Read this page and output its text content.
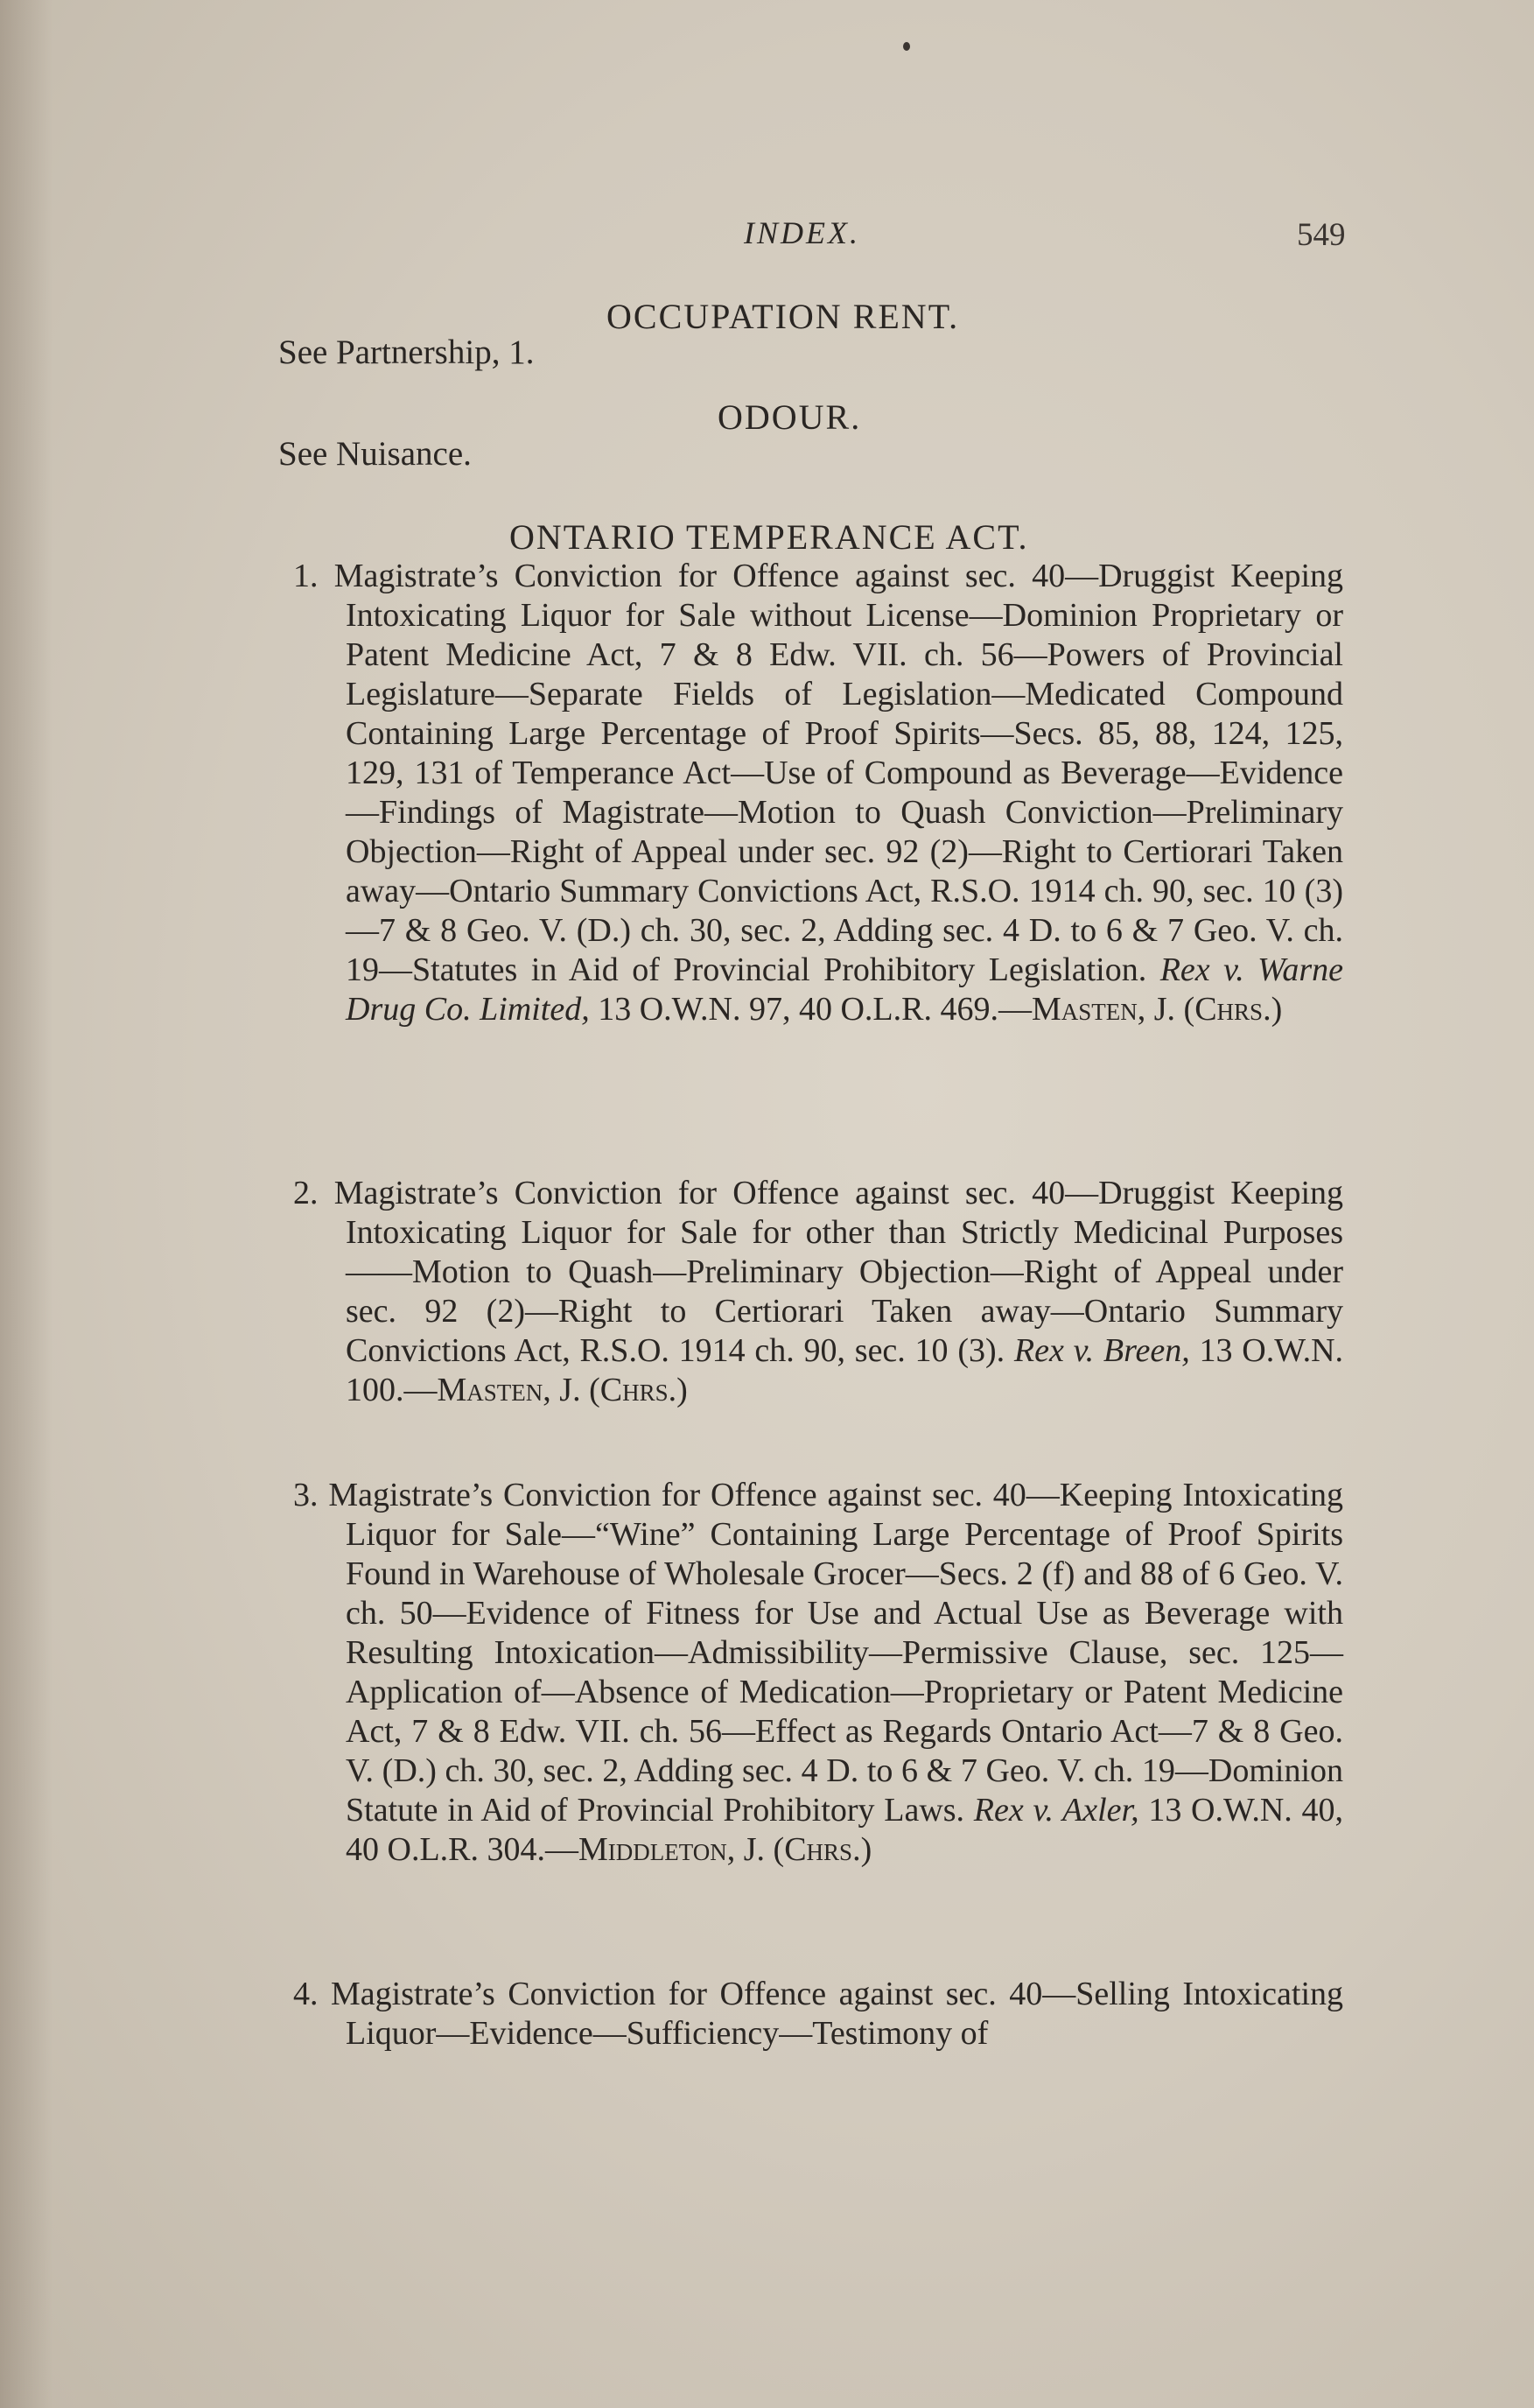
INDEX.	549
OCCUPATION RENT.
See Partnership, 1.
ODOUR.
See Nuisance.
ONTARIO TEMPERANCE ACT.
1. Magistrate’s Conviction for Offence against sec. 40—Druggist Keeping Intoxicating Liquor for Sale without License—Dominion Proprietary or Patent Medicine Act, 7 & 8 Edw. VII. ch. 56—Powers of Provincial Legislature—Separate Fields of Legislation—Medicated Compound Containing Large Percentage of Proof Spirits—Secs. 85, 88, 124, 125, 129, 131 of Temperance Act—Use of Compound as Beverage—Evidence—Findings of Magistrate—Motion to Quash Conviction—Preliminary Objection—Right of Appeal under sec. 92 (2)—Right to Certiorari Taken away—Ontario Summary Convictions Act, R.S.O. 1914 ch. 90, sec. 10 (3)—7 & 8 Geo. V. (D.) ch. 30, sec. 2, Adding sec. 4 D. to 6 & 7 Geo. V. ch. 19—Statutes in Aid of Provincial Prohibitory Legislation. Rex v. Warne Drug Co. Limited, 13 O.W.N. 97, 40 O.L.R. 469.—Masten, J. (Chrs.)
2. Magistrate’s Conviction for Offence against sec. 40—Druggist Keeping Intoxicating Liquor for Sale for other than Strictly Medicinal Purposes——Motion to Quash—Preliminary Objection—Right of Appeal under sec. 92 (2)—Right to Certiorari Taken away—Ontario Summary Convictions Act, R.S.O. 1914 ch. 90, sec. 10 (3). Rex v. Breen, 13 O.W.N. 100.—Masten, J. (Chrs.)
3. Magistrate’s Conviction for Offence against sec. 40—Keeping Intoxicating Liquor for Sale—“Wine” Containing Large Percentage of Proof Spirits Found in Warehouse of Wholesale Grocer—Secs. 2 (f) and 88 of 6 Geo. V. ch. 50—Evidence of Fitness for Use and Actual Use as Beverage with Resulting Intoxication—Admissibility—Permissive Clause, sec. 125—Application of—Absence of Medication—Proprietary or Patent Medicine Act, 7 & 8 Edw. VII. ch. 56—Effect as Regards Ontario Act—7 & 8 Geo. V. (D.) ch. 30, sec. 2, Adding sec. 4 D. to 6 & 7 Geo. V. ch. 19—Dominion Statute in Aid of Provincial Prohibitory Laws. Rex v. Axler, 13 O.W.N. 40, 40 O.L.R. 304.—Middleton, J. (Chrs.)
4. Magistrate’s Conviction for Offence against sec. 40—Selling Intoxicating Liquor—Evidence—Sufficiency—Testimony of
